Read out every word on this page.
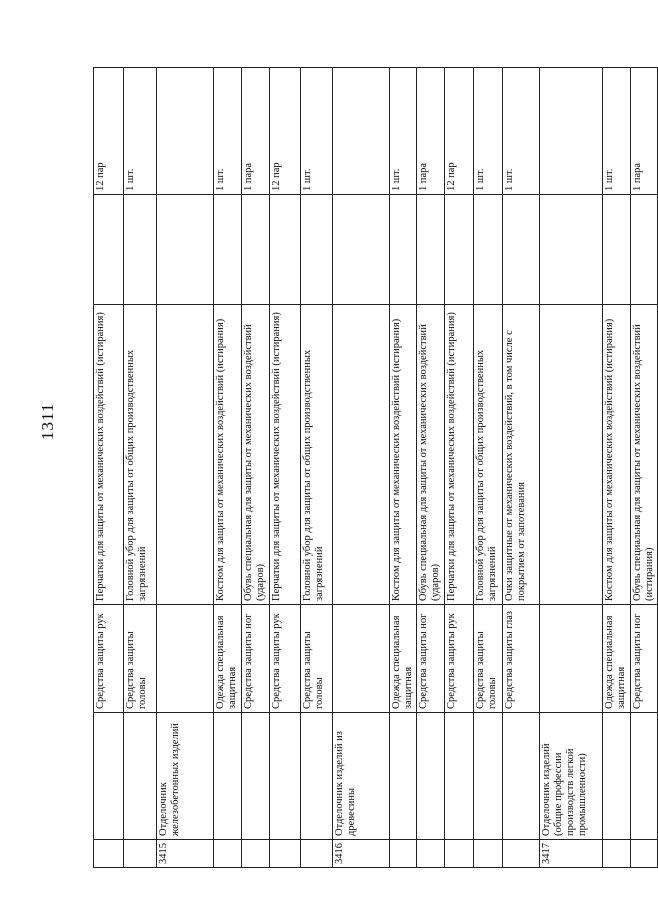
1311
		Средства защиты рук	Перчатки для защиты от механических воздействий (истирания)		12 пар
		Средства защиты головы	Головной убор для защиты от общих производственных загрязнений		1 шт.
3415	Отделочник железобетонных изделий				
		Одежда специальная защитная	Костюм для защиты от механических воздействий (истирания)		1 шт.
		Средства защиты ног	Обувь специальная для защиты от механических воздействий (ударов)		1 пара
		Средства защиты рук	Перчатки для защиты от механических воздействий (истирания)		12 пар
		Средства защиты головы	Головной убор для защиты от общих производственных загрязнений		1 шт.
3416	Отделочник изделий из древесины				
		Одежда специальная защитная	Костюм для защиты от механических воздействий (истирания)		1 шт.
		Средства защиты ног	Обувь специальная для защиты от механических воздействий (ударов)		1 пара
		Средства защиты рук	Перчатки для защиты от механических воздействий (истирания)		12 пар
		Средства защиты головы	Головной убор для защиты от общих производственных загрязнений		1 шт.
		Средства защиты глаз	Очки защитные от механических воздействий, в том числе с покрытием от запотевания		1 шт.
3417	Отделочник изделий (общие профессии производств легкой промышленности)				
		Одежда специальная защитная	Костюм для защиты от механических воздействий (истирания)		1 шт.
		Средства защиты ног	Обувь специальная для защиты от механических воздействий (истирания)		1 пара
